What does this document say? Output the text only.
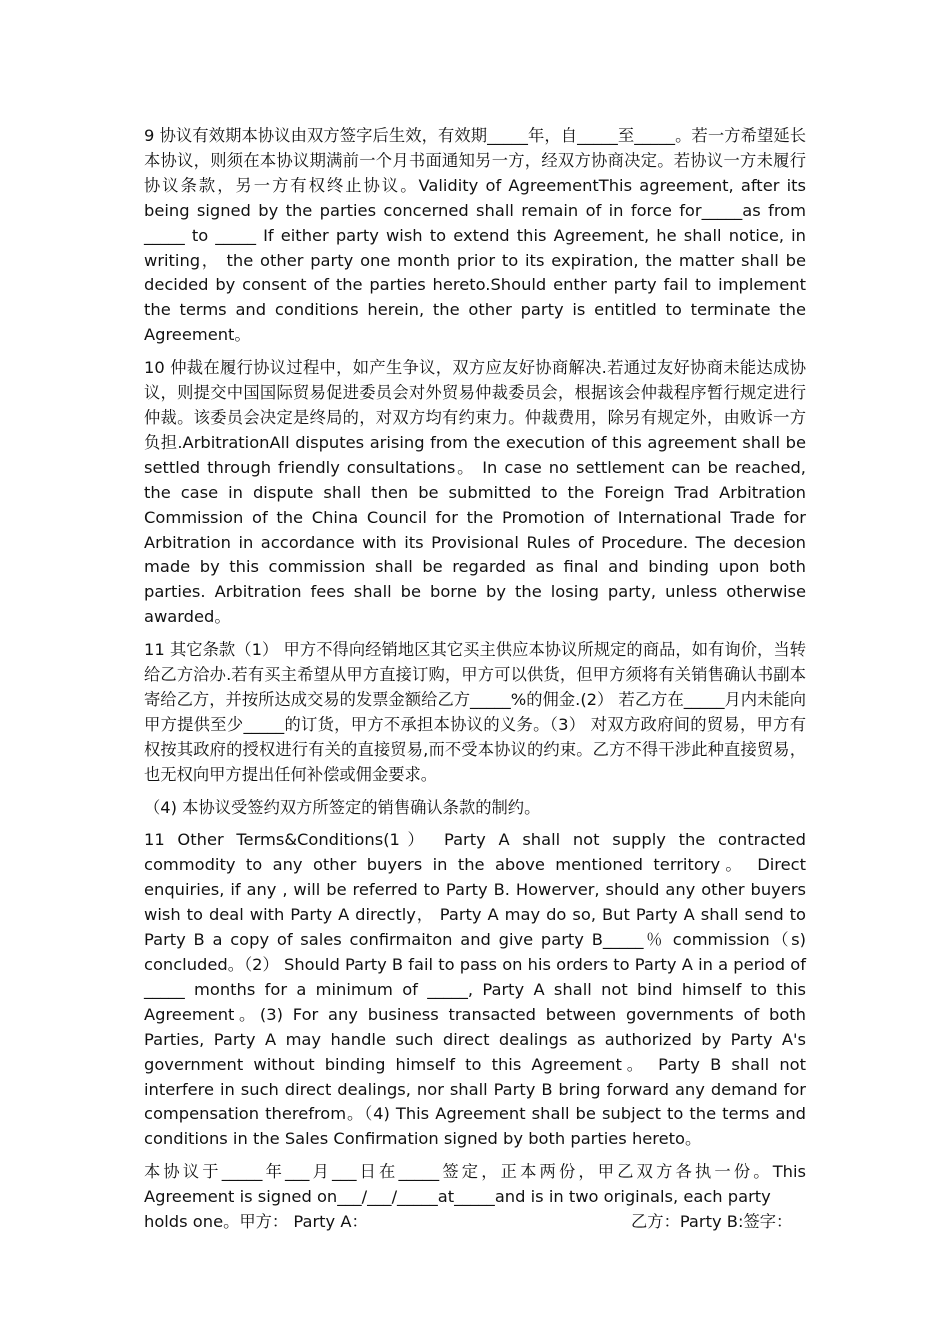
9 协议有效期本协议由双方签字后生效，有效期_____年，自_____至_____。若一方希望延长本协议，则须在本协议期满前一个月书面通知另一方，经双方协商决定。若协议一方未履行协议条款，另一方有权终止协议。Validity of AgreementThis agreement, after its being signed by the parties concerned shall remain of in force for_____as from _____ to _____ If either party wish to extend this Agreement, he shall notice, in writing， the other party one month prior to its expiration, the matter shall be decided by consent of the parties hereto.Should enther party fail to implement the terms and conditions herein, the other party is entitled to terminate the Agreement。

10 仲裁在履行协议过程中，如产生争议，双方应友好协商解决.若通过友好协商未能达成协议，则提交中国国际贸易促进委员会对外贸易仲裁委员会，根据该会仲裁程序暂行规定进行仲裁。该委员会决定是终局的，对双方均有约束力。仲裁费用，除另有规定外，由败诉一方负担.ArbitrationAll disputes arising from the execution of this agreement shall be settled through friendly consultations。 In case no settlement can be reached, the case in dispute shall then be submitted to the Foreign Trad Arbitration Commission of the China Council for the Promotion of International Trade for Arbitration in accordance with its Provisional Rules of Procedure. The decesion made by this commission shall be regarded as final and binding upon both parties. Arbitration fees shall be borne by the losing party, unless otherwise awarded。

11 其它条款（1） 甲方不得向经销地区其它买主供应本协议所规定的商品，如有询价，当转给乙方洽办.若有买主希望从甲方直接订购，甲方可以供货，但甲方须将有关销售确认书副本寄给乙方，并按所达成交易的发票金额给乙方_____%的佣金.(2） 若乙方在_____月内未能向甲方提供至少_____的订货，甲方不承担本协议的义务。（3） 对双方政府间的贸易，甲方有权按其政府的授权进行有关的直接贸易,而不受本协议的约束。乙方不得干涉此种直接贸易，也无权向甲方提出任何补偿或佣金要求。

（4) 本协议受签约双方所签定的销售确认条款的制约。

11 Other Terms&Conditions(1） Party A shall not supply the contracted commodity to any other buyers in the above mentioned territory。 Direct enquiries, if any , will be referred to Party B. Howerver, should any other buyers wish to deal with Party A directly， Party A may do so, But Party A shall send to Party B a copy of sales confirmaiton and give party B_____％ commission（s) concluded。（2） Should Party B fail to pass on his orders to Party A in a period of _____ months for a minimum of _____, Party A shall not bind himself to this Agreement。(3) For any business transacted between governments of both Parties, Party A may handle such direct dealings as authorized by Party A's government without binding himself to this Agreement。 Party B shall not interfere in such direct dealings, nor shall Party B bring forward any demand for compensation therefrom。（4) This Agreement shall be subject to the terms and conditions in the Sales Confirmation signed by both parties hereto。

本协议于_____年___月___日在_____签定，正本两份，甲乙双方各执一份。This Agreement is signed on___/___/_____at_____and is in two originals, each party

holds one。甲方： Party A：	乙方：Party B:签字：
